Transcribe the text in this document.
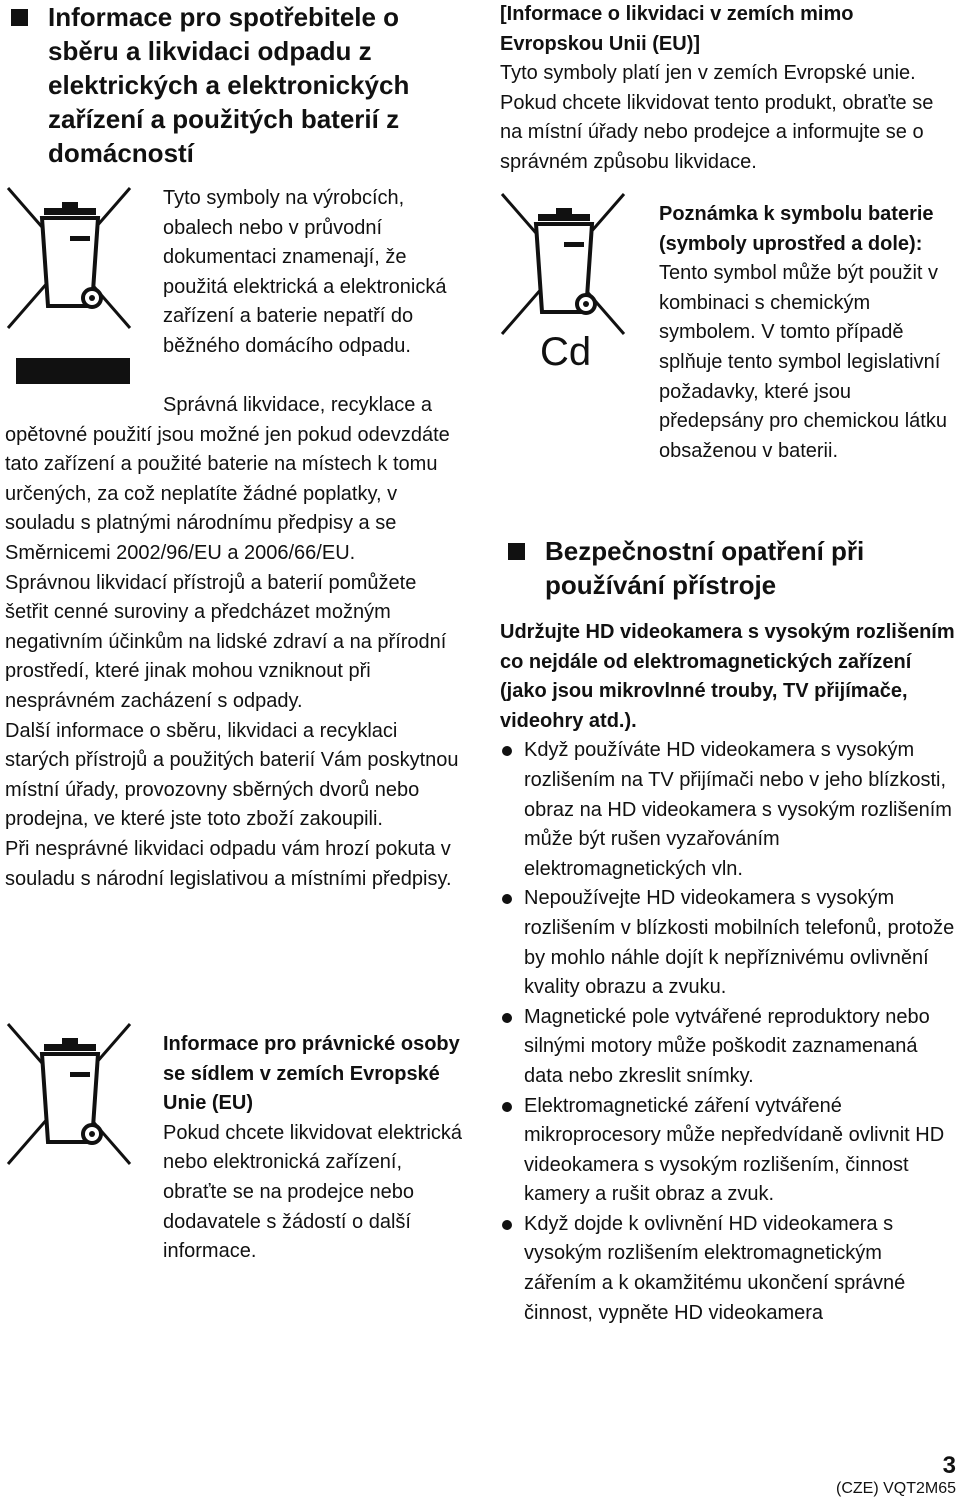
Informace pro spotřebitele o sběru a likvidaci odpadu z elektrických a elektronických zařízení a použitých baterií z domácností

Tyto symboly na výrobcích, obalech nebo v průvodní dokumentaci znamenají, že použitá elektrická a elektronická zařízení a baterie nepatří do běžného domácího odpadu.

Správná likvidace, recyklace a opětovné použití jsou možné jen pokud odevzdáte tato zařízení a použité baterie na místech k tomu určených, za což neplatíte žádné poplatky, v souladu s platnými národnímu předpisy a se Směrnicemi 2002/96/EU a 2006/66/EU.

Správnou likvidací přístrojů a baterií pomůžete šetřit cenné suroviny a předcházet možným negativním účinkům na lidské zdraví a na přírodní prostředí, které jinak mohou vzniknout při nesprávném zacházení s odpady.

Další informace o sběru, likvidaci a recyklaci starých přístrojů a použitých baterií Vám poskytnou místní úřady, provozovny sběrných dvorů nebo prodejna, ve které jste toto zboží zakoupili.

Při nesprávné likvidaci odpadu vám hrozí pokuta v souladu s národní legislativou a místními předpisy.

Informace pro právnické osoby se sídlem v zemích Evropské Unie (EU)

Pokud chcete likvidovat elektrická nebo elektronická zařízení, obraťte se na prodejce nebo dodavatele s žádostí o další informace.

[Informace o likvidaci v zemích mimo Evropskou Unii (EU)]

Tyto symboly platí jen v zemích Evropské unie. Pokud chcete likvidovat tento produkt, obraťte se na místní úřady nebo prodejce a informujte se o správném způsobu likvidace.

Cd

Poznámka k symbolu baterie (symboly uprostřed a dole):

Tento symbol může být použit v kombinaci s chemickým symbolem. V tomto případě splňuje tento symbol legislativní požadavky, které jsou předepsány pro chemickou látku obsaženou v baterii.

Bezpečnostní opatření při používání přístroje

Udržujte HD videokamera s vysokým rozlišením co nejdále od elektromagnetických zařízení (jako jsou mikrovlnné trouby, TV přijímače, videohry atd.).

Když používáte HD videokamera s vysokým rozlišením na TV přijímači nebo v jeho blízkosti, obraz na HD videokamera s vysokým rozlišením může být rušen vyzařováním elektromagnetických vln.
Nepoužívejte HD videokamera s vysokým rozlišením v blízkosti mobilních telefonů, protože by mohlo náhle dojít k nepříznivému ovlivnění kvality obrazu a zvuku.
Magnetické pole vytvářené reproduktory nebo silnými motory může poškodit zaznamenaná data nebo zkreslit snímky.
Elektromagnetické záření vytvářené mikroprocesory může nepředvídaně ovlivnit HD videokamera s vysokým rozlišením, činnost kamery a rušit obraz a zvuk.
Když dojde k ovlivnění HD videokamera s vysokým rozlišením elektromagnetickým zářením a k okamžitému ukončení správné činnost, vypněte HD videokamera
3
(CZE) VQT2M65
